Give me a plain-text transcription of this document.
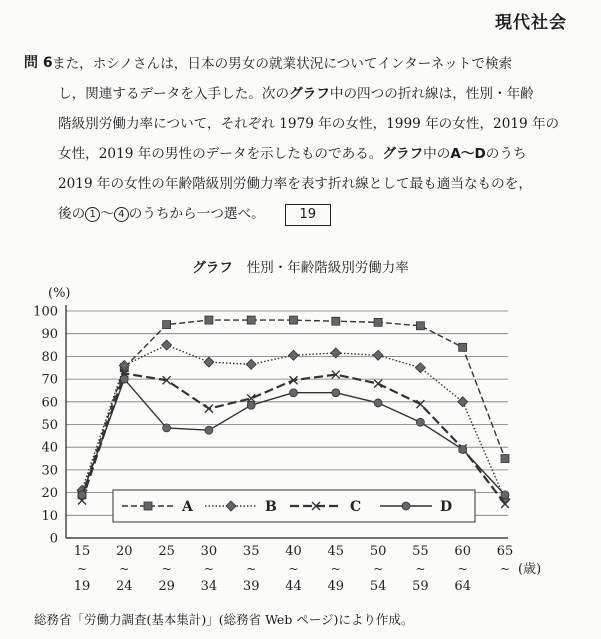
現代社会
問 6 また，ホシノさんは，日本の男女の就業状況についてインターネットで検索

し，関連するデータを入手した。次のグラフ中の四つの折れ線は，性別・年齢

階級別労働力率について，それぞれ 1979 年の女性，1999 年の女性，2019 年の

女性，2019 年の男性のデータを示したものである。グラフ中のA～Dのうち

2019 年の女性の年齢階級別労働力率を表す折れ線として最も適当なものを，

後の 1 ～ 4 のうちから一つ選べ。	19

グラフ 性別・年齢階級別労働力率
0
10
20
30
40
50
60
70
80
90
100
(%)
15
~
19
20
~
24
25
~
29
30
~
34
35
~
39
40
~
44
45
~
49
50
~
54
55
~
59
60
~
64
65
~ (歳)
A	B	C	D
総務省「労働力調査(基本集計)」(総務省 Web ページ)により作成。
